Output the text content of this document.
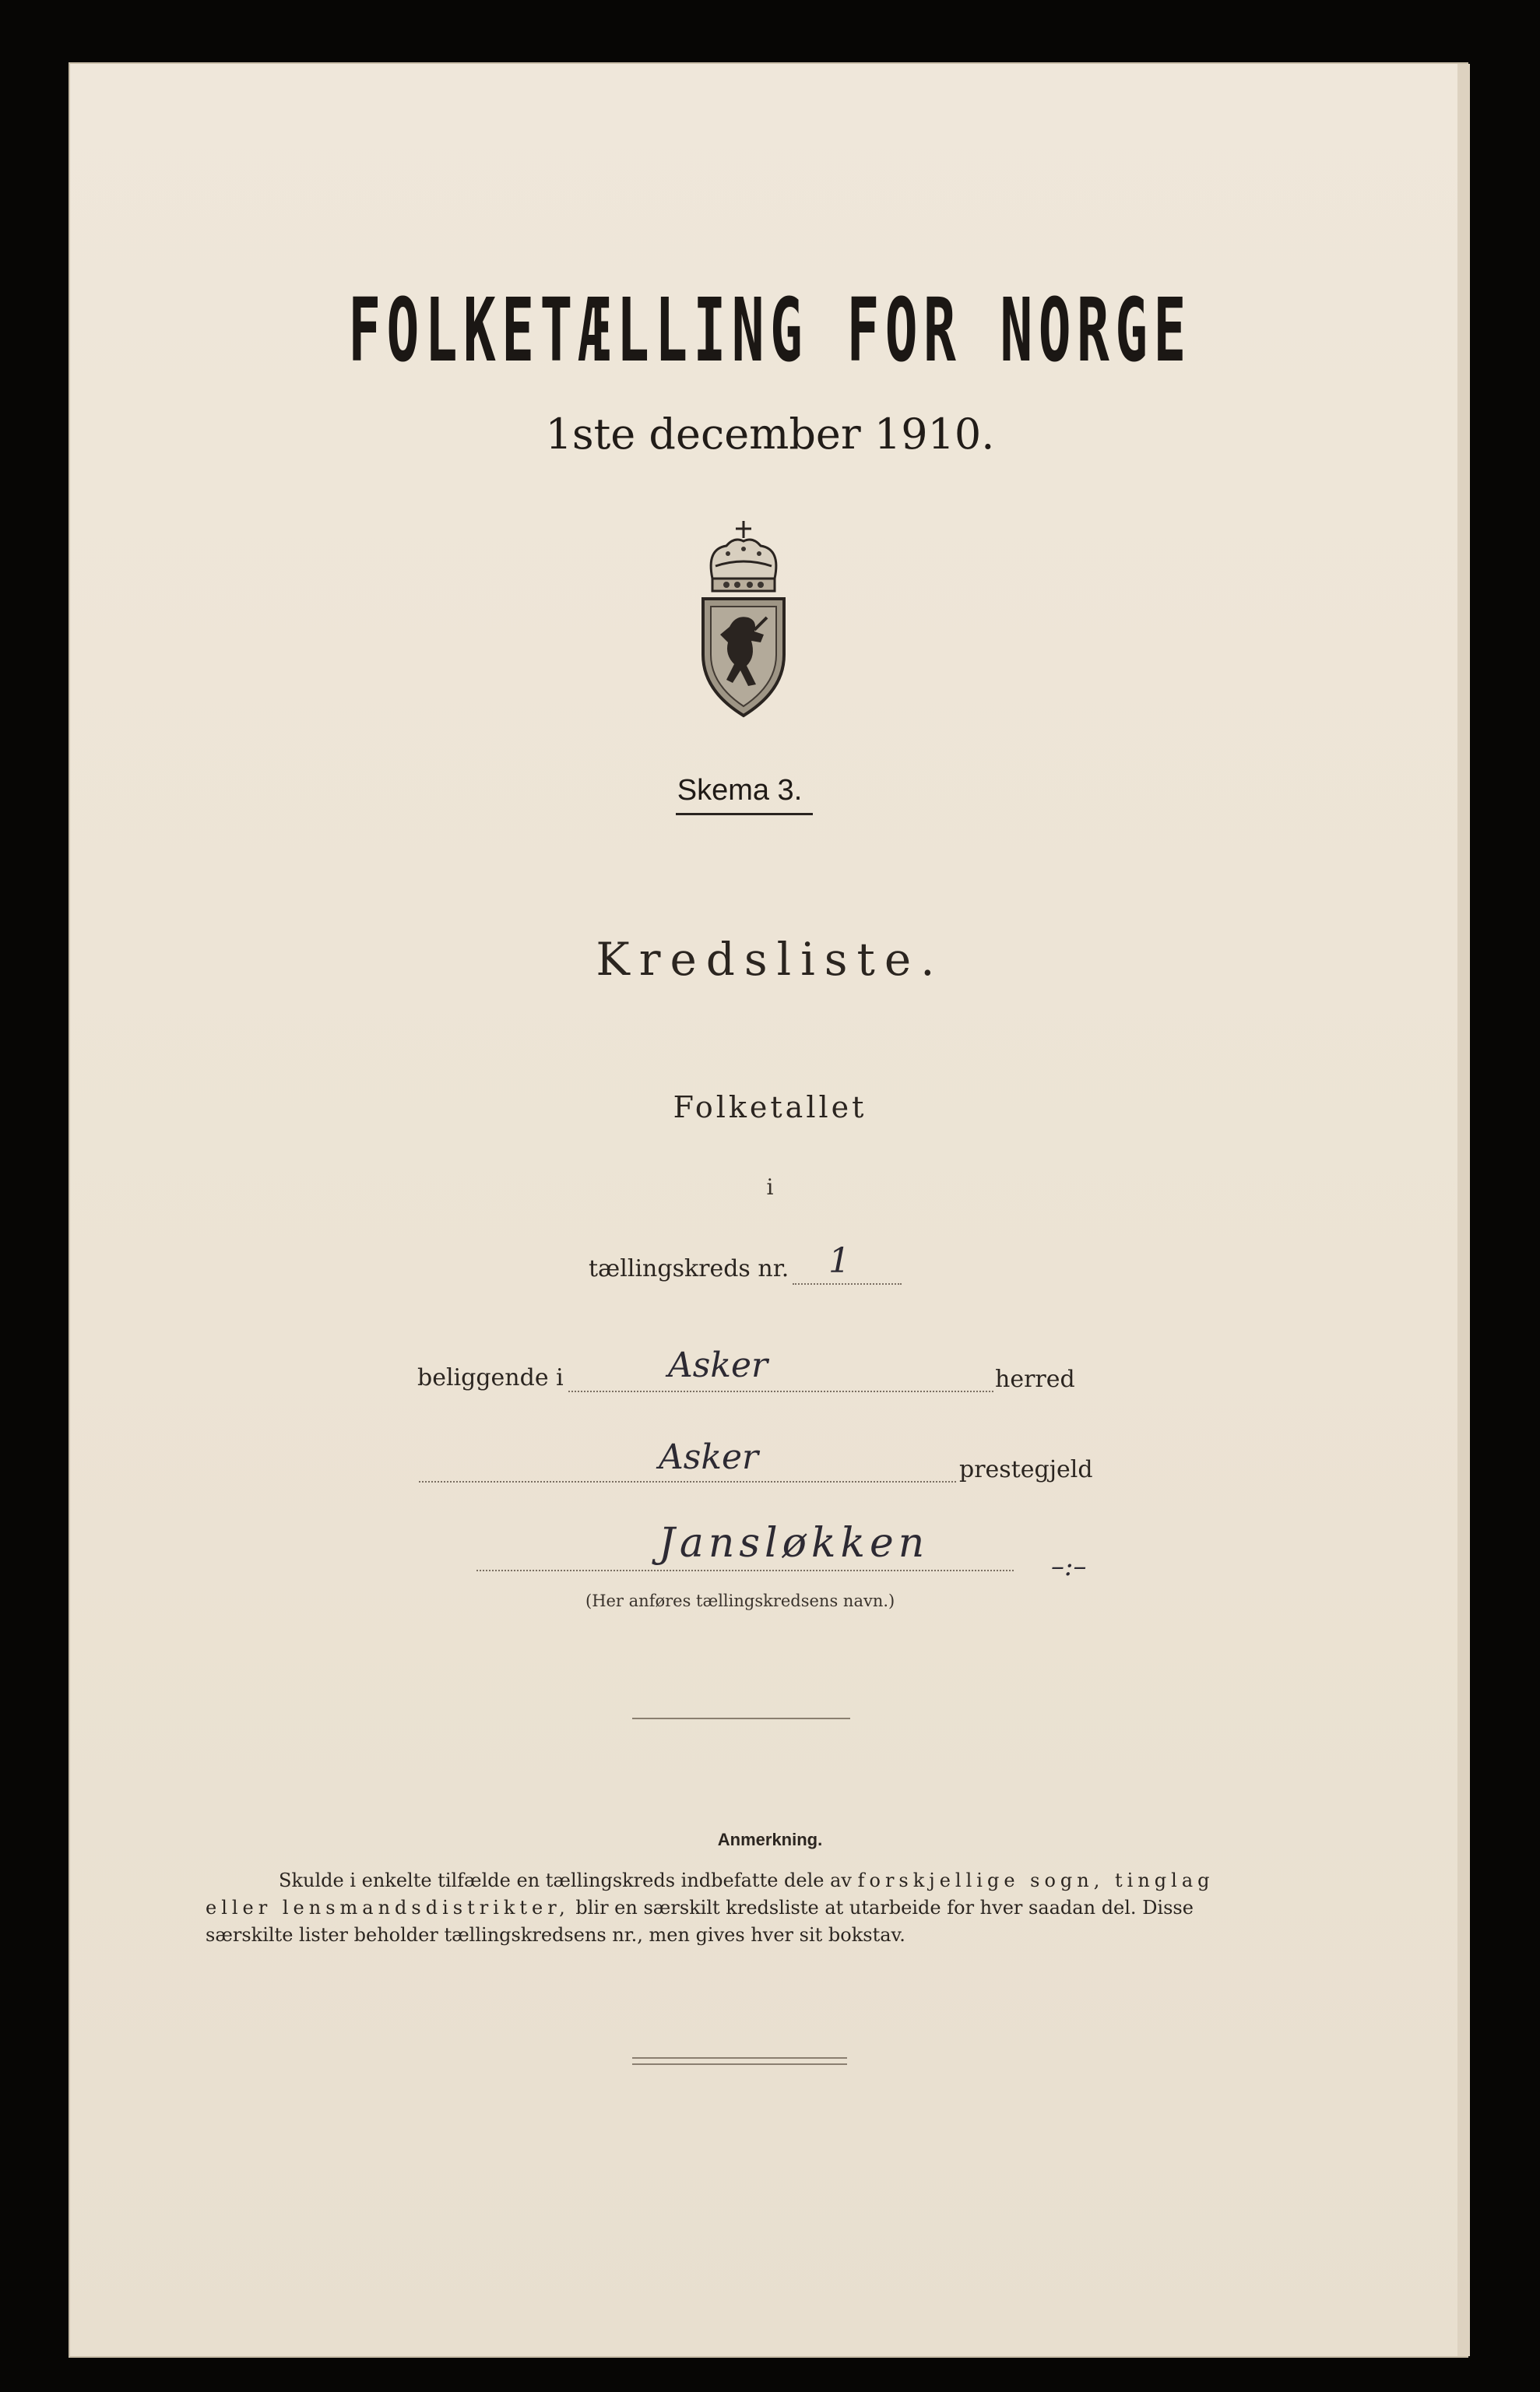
FOLKETÆLLING FOR NORGE
1ste december 1910.
Skema 3.
Kredsliste.
Folketallet
i
tællingskreds nr. 1
beliggende i	Asker	herred
Asker	prestegjeld
Jansløkken	–:–
(Her anføres tællingskredsens navn.)
Anmerkning.
Skulde i enkelte tilfælde en tællingskreds indbefatte dele av forskjellige sogn, tinglag
eller lensmandsdistrikter, blir en særskilt kredsliste at utarbeide for hver saadan del. Disse
særskilte lister beholder tællingskredsens nr., men gives hver sit bokstav.
